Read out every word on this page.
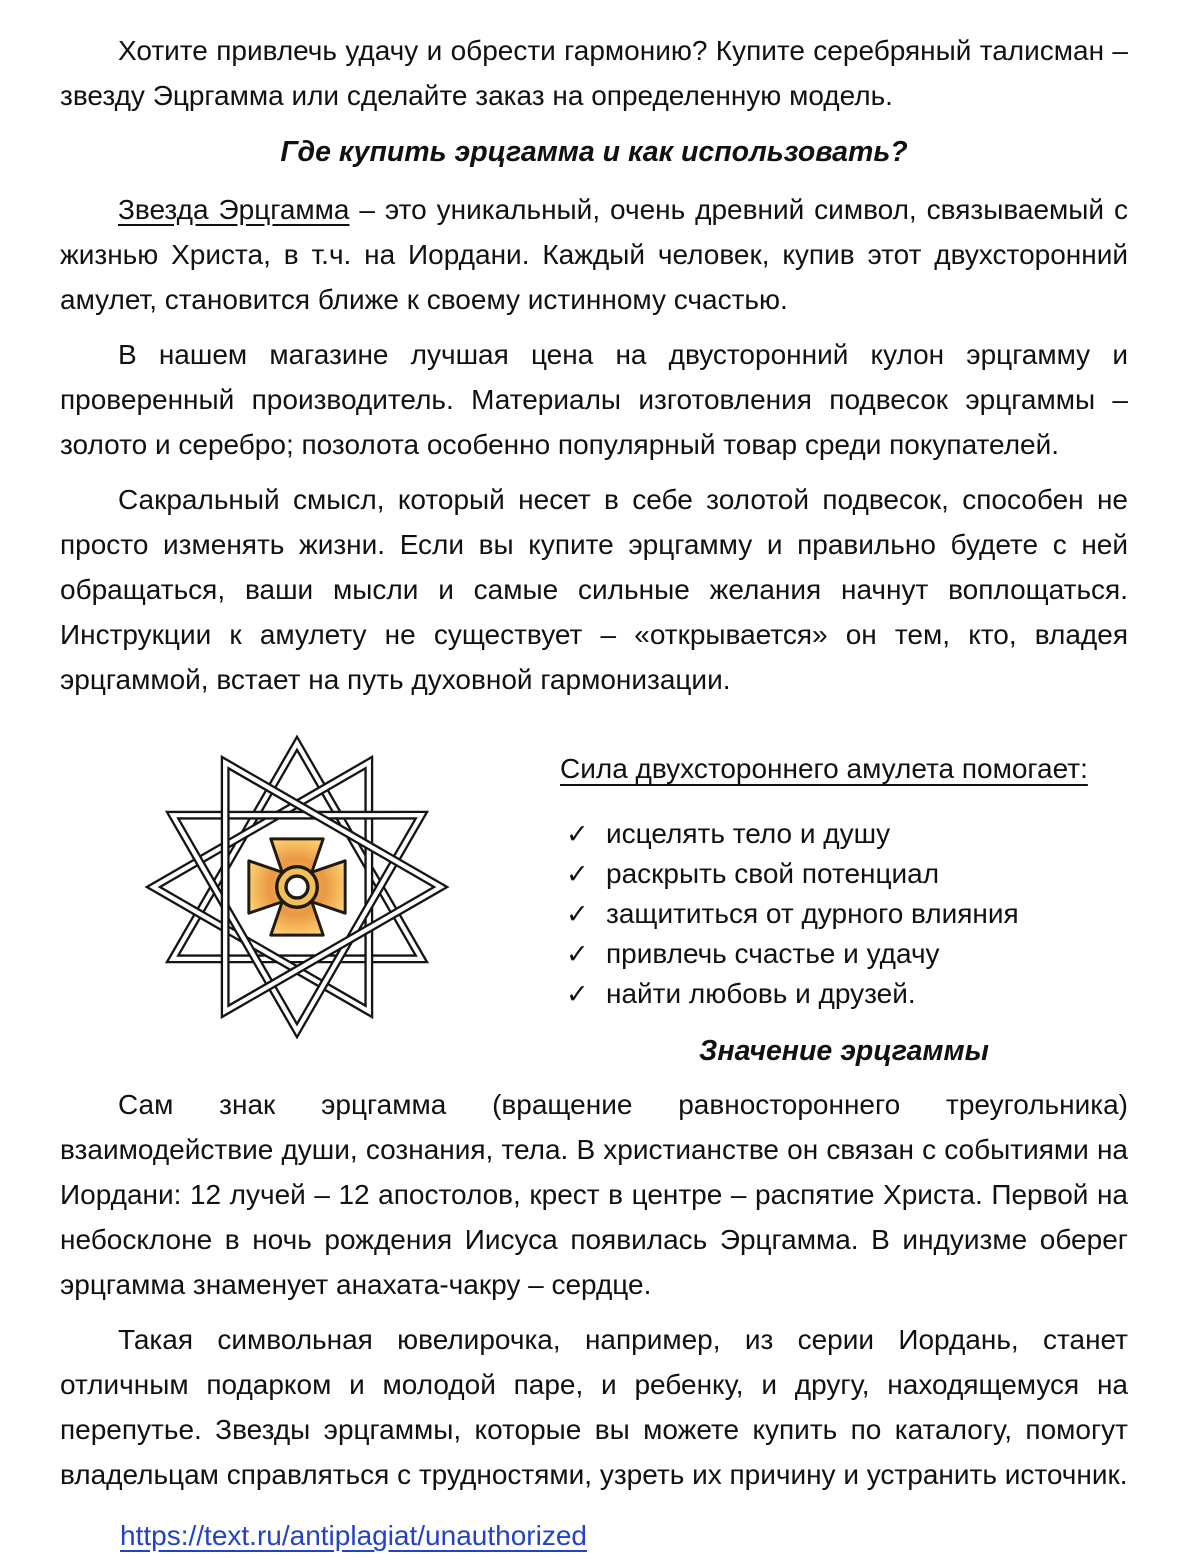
Хотите привлечь удачу и обрести гармонию? Купите серебряный талисман – звезду Эцргамма или сделайте заказ на определенную модель.

Где купить эрцгамма и как использовать?

Звезда Эрцгамма – это уникальный, очень древний символ, связываемый с жизнью Христа, в т.ч. на Иордани. Каждый человек, купив этот двухсторонний амулет, становится ближе к своему истинному счастью.

В нашем магазине лучшая цена на двусторонний кулон эрцгамму и проверенный производитель. Материалы изготовления подвесок эрцгаммы – золото и серебро; позолота особенно популярный товар среди покупателей.

Сакральный смысл, который несет в себе золотой подвесок, способен не просто изменять жизни. Если вы купите эрцгамму и правильно будете с ней обращаться, ваши мысли и самые сильные желания начнут воплощаться. Инструкции к амулету не существует – «открывается» он тем, кто, владея эрцгаммой, встает на путь духовной гармонизации.

Сила двухстороннего амулета помогает:
✓ исцелять тело и душу
✓ раскрыть свой потенциал
✓ защититься от дурного влияния
✓ привлечь счастье и удачу
✓ найти любовь и друзей.
Значение эрцгаммы

Сам знак эрцгамма (вращение равностороннего треугольника) взаимодействие души, сознания, тела. В христианстве он связан с событиями на Иордани: 12 лучей – 12 апостолов, крест в центре – распятие Христа. Первой на небосклоне в ночь рождения Иисуса появилась Эрцгамма. В индуизме оберег эрцгамма знаменует анахата-чакру – сердце.

Такая символьная ювелирочка, например, из серии Иордань, станет отличным подарком и молодой паре, и ребенку, и другу, находящемуся на перепутье. Звезды эрцгаммы, которые вы можете купить по каталогу, помогут владельцам справляться с трудностями, узреть их причину и устранить источник.

https://text.ru/antiplagiat/unauthorized
